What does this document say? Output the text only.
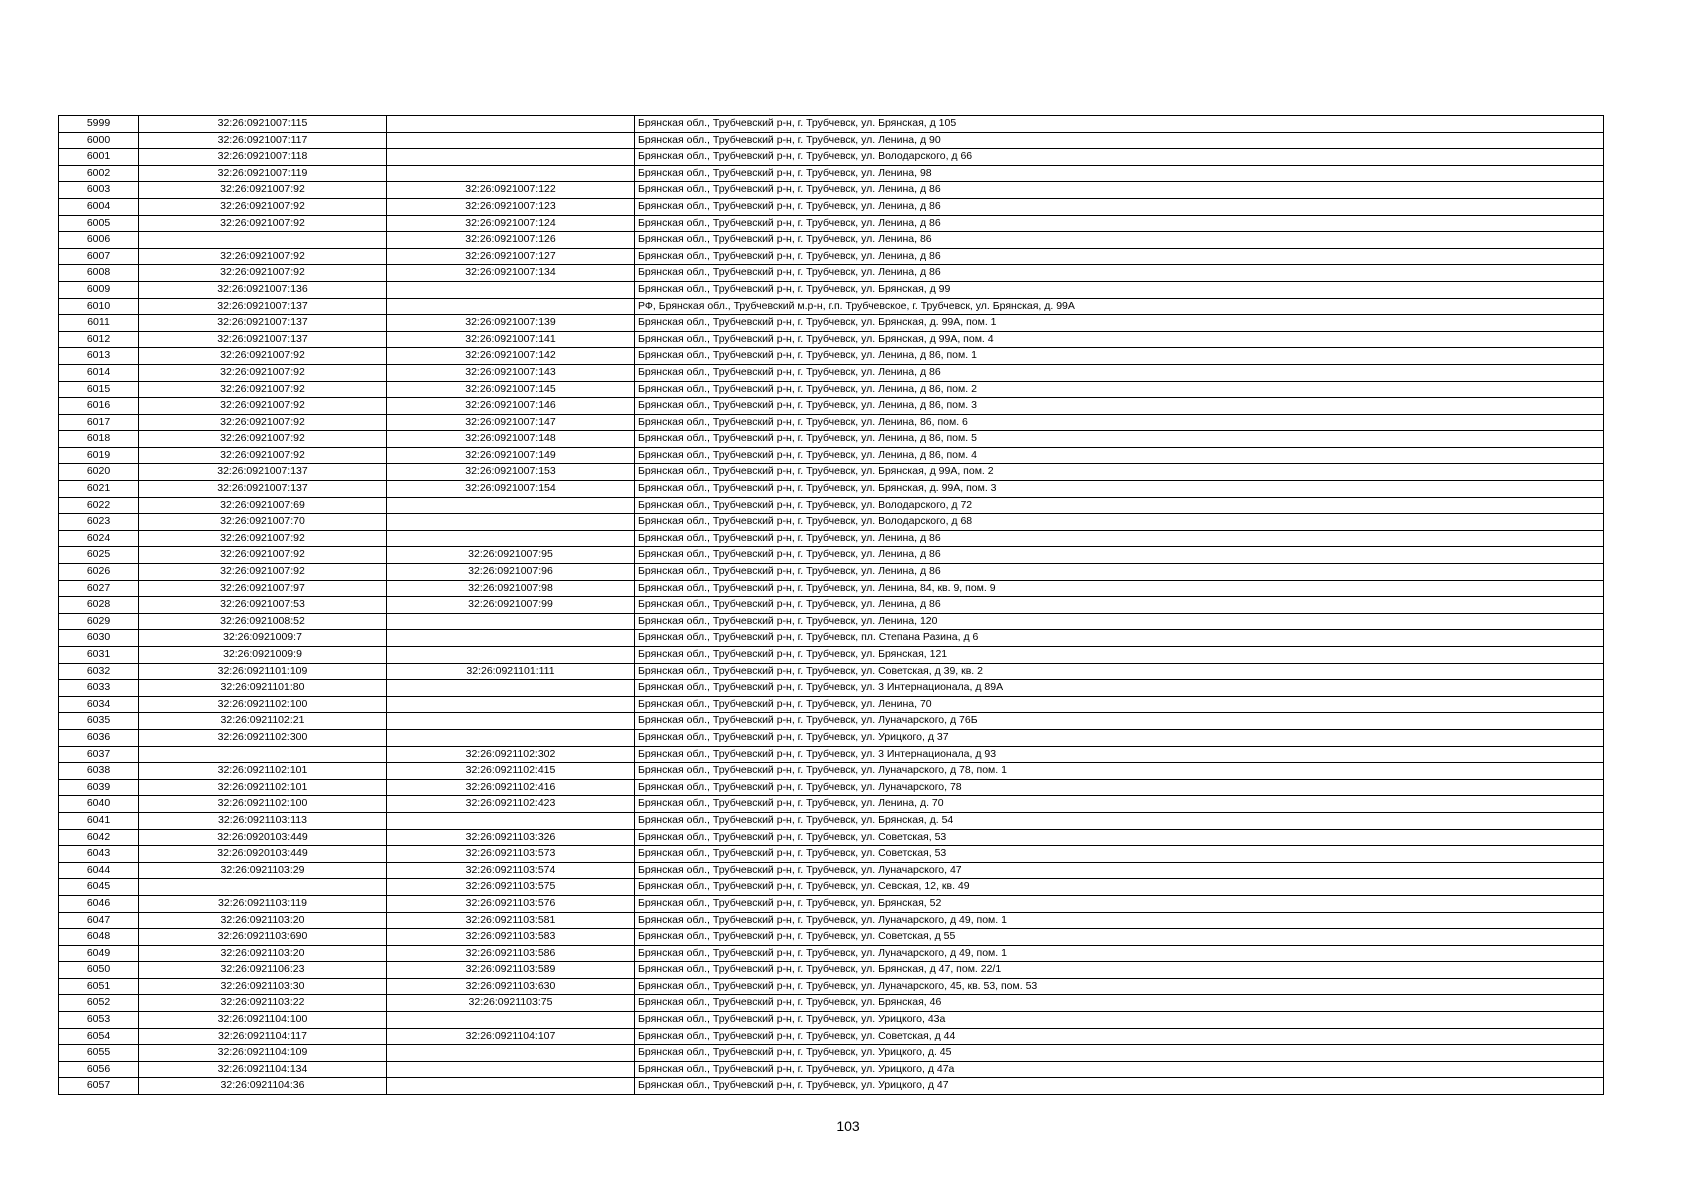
5999	32:26:0921007:115		Брянская обл., Трубчевский р-н, г. Трубчевск, ул. Брянская, д 105
6000	32:26:0921007:117		Брянская обл., Трубчевский р-н, г. Трубчевск, ул. Ленина, д 90
6001	32:26:0921007:118		Брянская обл., Трубчевский р-н, г. Трубчевск, ул. Володарского, д 66
6002	32:26:0921007:119		Брянская обл., Трубчевский р-н, г. Трубчевск, ул. Ленина, 98
6003	32:26:0921007:92	32:26:0921007:122	Брянская обл., Трубчевский р-н, г. Трубчевск, ул. Ленина, д 86
6004	32:26:0921007:92	32:26:0921007:123	Брянская обл., Трубчевский р-н, г. Трубчевск, ул. Ленина, д 86
6005	32:26:0921007:92	32:26:0921007:124	Брянская обл., Трубчевский р-н, г. Трубчевск, ул. Ленина, д 86
6006		32:26:0921007:126	Брянская обл., Трубчевский р-н, г. Трубчевск, ул. Ленина, 86
6007	32:26:0921007:92	32:26:0921007:127	Брянская обл., Трубчевский р-н, г. Трубчевск, ул. Ленина, д 86
6008	32:26:0921007:92	32:26:0921007:134	Брянская обл., Трубчевский р-н, г. Трубчевск, ул. Ленина, д 86
6009	32:26:0921007:136		Брянская обл., Трубчевский р-н, г. Трубчевск, ул. Брянская, д 99
6010	32:26:0921007:137		РФ, Брянская обл., Трубчевский м.р-н, г.п. Трубчевское, г. Трубчевск, ул. Брянская, д. 99А
6011	32:26:0921007:137	32:26:0921007:139	Брянская обл., Трубчевский р-н, г. Трубчевск, ул. Брянская, д. 99А, пом. 1
6012	32:26:0921007:137	32:26:0921007:141	Брянская обл., Трубчевский р-н, г. Трубчевск, ул. Брянская, д 99А, пом. 4
6013	32:26:0921007:92	32:26:0921007:142	Брянская обл., Трубчевский р-н, г. Трубчевск, ул. Ленина, д 86, пом. 1
6014	32:26:0921007:92	32:26:0921007:143	Брянская обл., Трубчевский р-н, г. Трубчевск, ул. Ленина, д 86
6015	32:26:0921007:92	32:26:0921007:145	Брянская обл., Трубчевский р-н, г. Трубчевск, ул. Ленина, д 86, пом. 2
6016	32:26:0921007:92	32:26:0921007:146	Брянская обл., Трубчевский р-н, г. Трубчевск, ул. Ленина, д 86, пом. 3
6017	32:26:0921007:92	32:26:0921007:147	Брянская обл., Трубчевский р-н, г. Трубчевск, ул. Ленина, 86, пом. 6
6018	32:26:0921007:92	32:26:0921007:148	Брянская обл., Трубчевский р-н, г. Трубчевск, ул. Ленина, д 86, пом. 5
6019	32:26:0921007:92	32:26:0921007:149	Брянская обл., Трубчевский р-н, г. Трубчевск, ул. Ленина, д 86, пом. 4
6020	32:26:0921007:137	32:26:0921007:153	Брянская обл., Трубчевский р-н, г. Трубчевск, ул. Брянская, д 99А, пом. 2
6021	32:26:0921007:137	32:26:0921007:154	Брянская обл., Трубчевский р-н, г. Трубчевск, ул. Брянская, д. 99А, пом. 3
6022	32:26:0921007:69		Брянская обл., Трубчевский р-н, г. Трубчевск, ул. Володарского, д 72
6023	32:26:0921007:70		Брянская обл., Трубчевский р-н, г. Трубчевск, ул. Володарского, д 68
6024	32:26:0921007:92		Брянская обл., Трубчевский р-н, г. Трубчевск, ул. Ленина, д 86
6025	32:26:0921007:92	32:26:0921007:95	Брянская обл., Трубчевский р-н, г. Трубчевск, ул. Ленина, д 86
6026	32:26:0921007:92	32:26:0921007:96	Брянская обл., Трубчевский р-н, г. Трубчевск, ул. Ленина, д 86
6027	32:26:0921007:97	32:26:0921007:98	Брянская обл., Трубчевский р-н, г. Трубчевск, ул. Ленина, 84, кв. 9, пом. 9
6028	32:26:0921007:53	32:26:0921007:99	Брянская обл., Трубчевский р-н, г. Трубчевск, ул. Ленина, д 86
6029	32:26:0921008:52		Брянская обл., Трубчевский р-н, г. Трубчевск, ул. Ленина, 120
6030	32:26:0921009:7		Брянская обл., Трубчевский р-н, г. Трубчевск, пл. Степана Разина, д 6
6031	32:26:0921009:9		Брянская обл., Трубчевский р-н, г. Трубчевск, ул. Брянская, 121
6032	32:26:0921101:109	32:26:0921101:111	Брянская обл., Трубчевский р-н, г. Трубчевск, ул. Советская, д 39, кв. 2
6033	32:26:0921101:80		Брянская обл., Трубчевский р-н, г. Трубчевск, ул. 3 Интернационала, д 89А
6034	32:26:0921102:100		Брянская обл., Трубчевский р-н, г. Трубчевск, ул. Ленина, 70
6035	32:26:0921102:21		Брянская обл., Трубчевский р-н, г. Трубчевск, ул. Луначарского, д 76Б
6036	32:26:0921102:300		Брянская обл., Трубчевский р-н, г. Трубчевск, ул. Урицкого, д 37
6037		32:26:0921102:302	Брянская обл., Трубчевский р-н, г. Трубчевск, ул. 3 Интернационала, д 93
6038	32:26:0921102:101	32:26:0921102:415	Брянская обл., Трубчевский р-н, г. Трубчевск, ул. Луначарского, д 78, пом. 1
6039	32:26:0921102:101	32:26:0921102:416	Брянская обл., Трубчевский р-н, г. Трубчевск, ул. Луначарского, 78
6040	32:26:0921102:100	32:26:0921102:423	Брянская обл., Трубчевский р-н, г. Трубчевск, ул. Ленина, д. 70
6041	32:26:0921103:113		Брянская обл., Трубчевский р-н, г. Трубчевск, ул. Брянская, д. 54
6042	32:26:0920103:449	32:26:0921103:326	Брянская обл., Трубчевский р-н, г. Трубчевск, ул. Советская, 53
6043	32:26:0920103:449	32:26:0921103:573	Брянская обл., Трубчевский р-н, г. Трубчевск, ул. Советская, 53
6044	32:26:0921103:29	32:26:0921103:574	Брянская обл., Трубчевский р-н, г. Трубчевск, ул. Луначарского, 47
6045		32:26:0921103:575	Брянская обл., Трубчевский р-н, г. Трубчевск, ул. Севская, 12, кв. 49
6046	32:26:0921103:119	32:26:0921103:576	Брянская обл., Трубчевский р-н, г. Трубчевск, ул. Брянская, 52
6047	32:26:0921103:20	32:26:0921103:581	Брянская обл., Трубчевский р-н, г. Трубчевск, ул. Луначарского, д 49, пом. 1
6048	32:26:0921103:690	32:26:0921103:583	Брянская обл., Трубчевский р-н, г. Трубчевск, ул. Советская, д 55
6049	32:26:0921103:20	32:26:0921103:586	Брянская обл., Трубчевский р-н, г. Трубчевск, ул. Луначарского, д 49, пом. 1
6050	32:26:0921106:23	32:26:0921103:589	Брянская обл., Трубчевский р-н, г. Трубчевск, ул. Брянская, д 47, пом. 22/1
6051	32:26:0921103:30	32:26:0921103:630	Брянская обл., Трубчевский р-н, г. Трубчевск, ул. Луначарского, 45, кв. 53, пом. 53
6052	32:26:0921103:22	32:26:0921103:75	Брянская обл., Трубчевский р-н, г. Трубчевск, ул. Брянская, 46
6053	32:26:0921104:100		Брянская обл., Трубчевский р-н, г. Трубчевск, ул. Урицкого, 43а
6054	32:26:0921104:117	32:26:0921104:107	Брянская обл., Трубчевский р-н, г. Трубчевск, ул. Советская, д 44
6055	32:26:0921104:109		Брянская обл., Трубчевский р-н, г. Трубчевск, ул. Урицкого, д. 45
6056	32:26:0921104:134		Брянская обл., Трубчевский р-н, г. Трубчевск, ул. Урицкого, д 47а
6057	32:26:0921104:36		Брянская обл., Трубчевский р-н, г. Трубчевск, ул. Урицкого, д 47
103
